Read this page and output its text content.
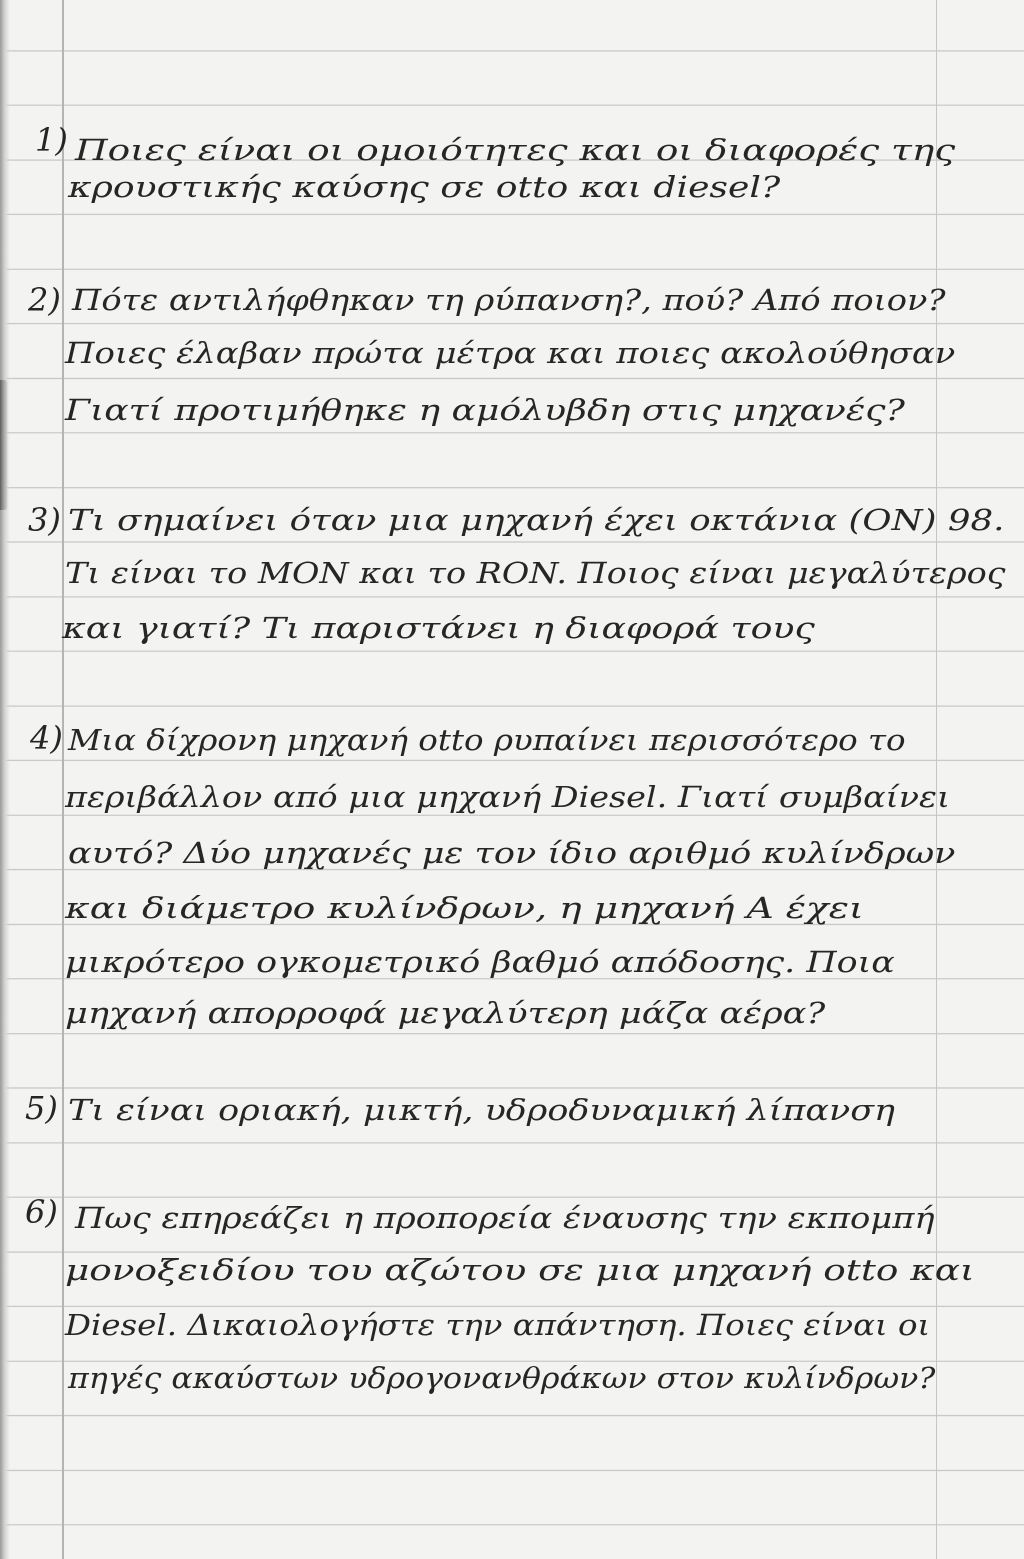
1) Ποιες είναι οι ομοιότητες και οι διαφορές της
κρουστικής καύσης σε otto και diesel?
2) Πότε αντιλήφθηκαν τη ρύπανση?, πού? Από ποιον?
Ποιες έλαβαν πρώτα μέτρα και ποιες ακολούθησαν
Γιατί προτιμήθηκε η αμόλυβδη στις μηχανές?
3) Τι σημαίνει όταν μια μηχανή έχει οκτάνια (ON) 98.
Τι είναι το MON και το RON. Ποιος είναι μεγαλύτερος
και γιατί? Τι παριστάνει η διαφορά τους
4) Μια δίχρονη μηχανή otto ρυπαίνει περισσότερο το
περιβάλλον από μια μηχανή Diesel. Γιατί συμβαίνει
αυτό? Δύο μηχανές με τον ίδιο αριθμό κυλίνδρων
και διάμετρο κυλίνδρων, η μηχανή Α έχει
μικρότερο ογκομετρικό βαθμό απόδοσης. Ποια
μηχανή απορροφά μεγαλύτερη μάζα αέρα?
5) Τι είναι οριακή, μικτή, υδροδυναμική λίπανση
6) Πως επηρεάζει η προπορεία έναυσης την εκπομπή
μονοξειδίου του αζώτου σε μια μηχανή otto και
Diesel. Δικαιολογήστε την απάντηση. Ποιες είναι οι
πηγές ακαύστων υδρογονανθράκων στον κυλίνδρων?
